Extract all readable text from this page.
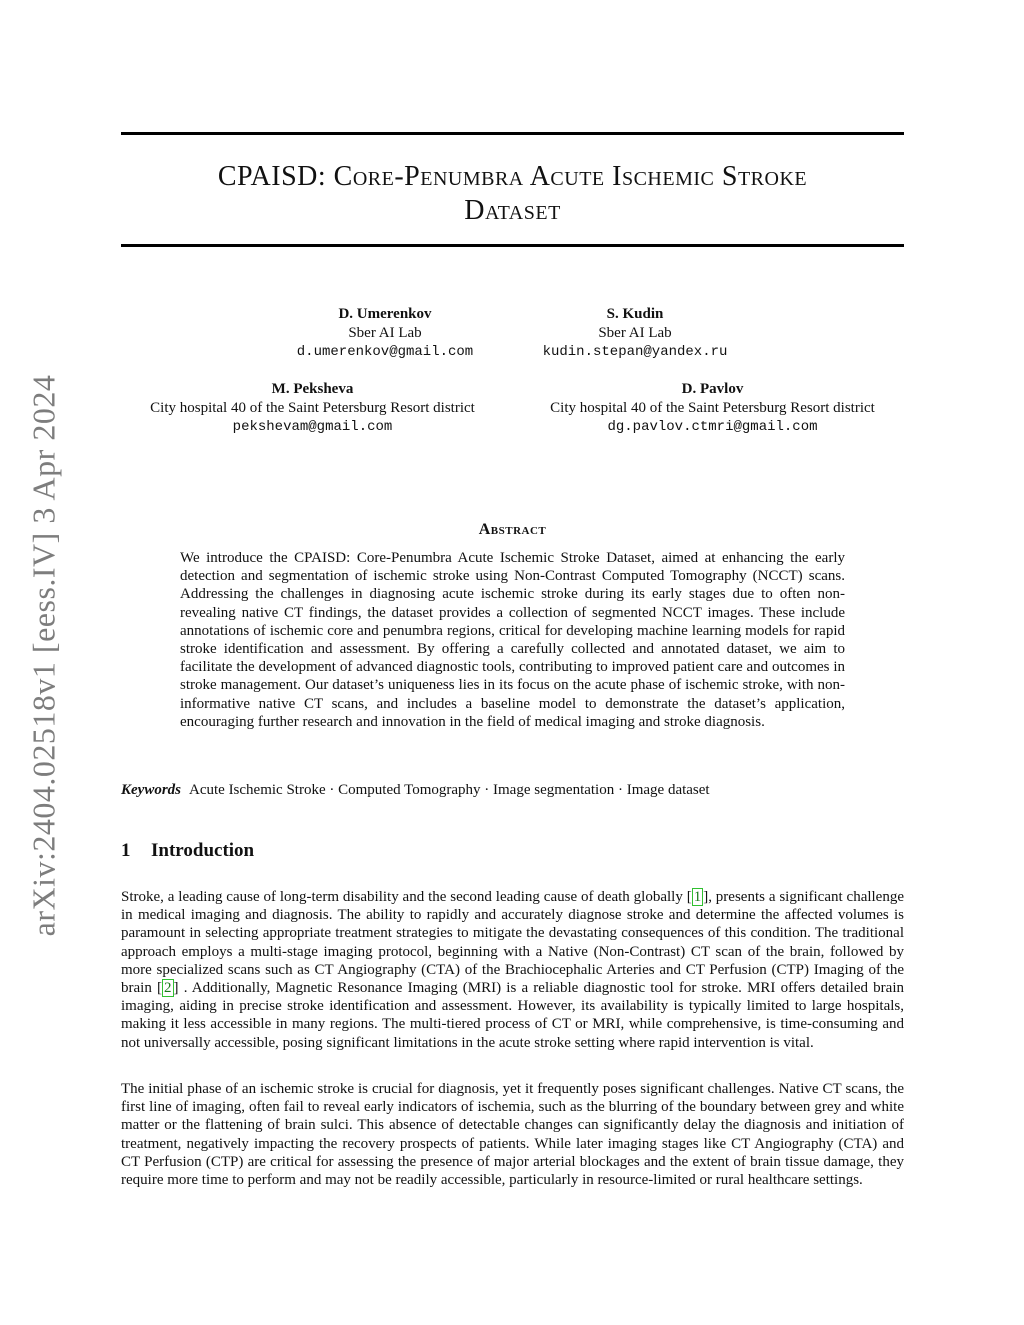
arXiv:2404.02518v1 [eess.IV] 3 Apr 2024
CPAISD: Core-Penumbra Acute Ischemic Stroke
Dataset
D. Umerenkov
Sber AI Lab
d.umerenkov@gmail.com
S. Kudin
Sber AI Lab
kudin.stepan@yandex.ru
M. Peksheva
City hospital 40 of the Saint Petersburg Resort district
pekshevam@gmail.com
D. Pavlov
City hospital 40 of the Saint Petersburg Resort district
dg.pavlov.ctmri@gmail.com
Abstract
We introduce the CPAISD: Core-Penumbra Acute Ischemic Stroke Dataset, aimed at enhancing the early detection and segmentation of ischemic stroke using Non-Contrast Computed Tomography (NCCT) scans. Addressing the challenges in diagnosing acute ischemic stroke during its early stages due to often non-revealing native CT findings, the dataset provides a collection of segmented NCCT images. These include annotations of ischemic core and penumbra regions, critical for developing machine learning models for rapid stroke identification and assessment. By offering a carefully collected and annotated dataset, we aim to facilitate the development of advanced diagnostic tools, contributing to improved patient care and outcomes in stroke management. Our dataset’s uniqueness lies in its focus on the acute phase of ischemic stroke, with non-informative native CT scans, and includes a baseline model to demonstrate the dataset’s application, encouraging further research and innovation in the field of medical imaging and stroke diagnosis.
Keywords Acute Ischemic Stroke · Computed Tomography · Image segmentation · Image dataset
1 Introduction

Stroke, a leading cause of long-term disability and the second leading cause of death globally [ 1 ], presents a significant challenge in medical imaging and diagnosis. The ability to rapidly and accurately diagnose stroke and determine the affected volumes is paramount in selecting appropriate treatment strategies to mitigate the devastating consequences of this condition. The traditional approach employs a multi-stage imaging protocol, beginning with a Native (Non-Contrast) CT scan of the brain, followed by more specialized scans such as CT Angiography (CTA) of the Brachiocephalic Arteries and CT Perfusion (CTP) Imaging of the brain [ 2 ] . Additionally, Magnetic Resonance Imaging (MRI) is a reliable diagnostic tool for stroke. MRI offers detailed brain imaging, aiding in precise stroke identification and assessment. However, its availability is typically limited to large hospitals, making it less accessible in many regions. The multi-tiered process of CT or MRI, while comprehensive, is time-consuming and not universally accessible, posing significant limitations in the acute stroke setting where rapid intervention is vital.

The initial phase of an ischemic stroke is crucial for diagnosis, yet it frequently poses significant challenges. Native CT scans, the first line of imaging, often fail to reveal early indicators of ischemia, such as the blurring of the boundary between grey and white matter or the flattening of brain sulci. This absence of detectable changes can significantly delay the diagnosis and initiation of treatment, negatively impacting the recovery prospects of patients. While later imaging stages like CT Angiography (CTA) and CT Perfusion (CTP) are critical for assessing the presence of major arterial blockages and the extent of brain tissue damage, they require more time to perform and may not be readily accessible, particularly in resource-limited or rural healthcare settings.
